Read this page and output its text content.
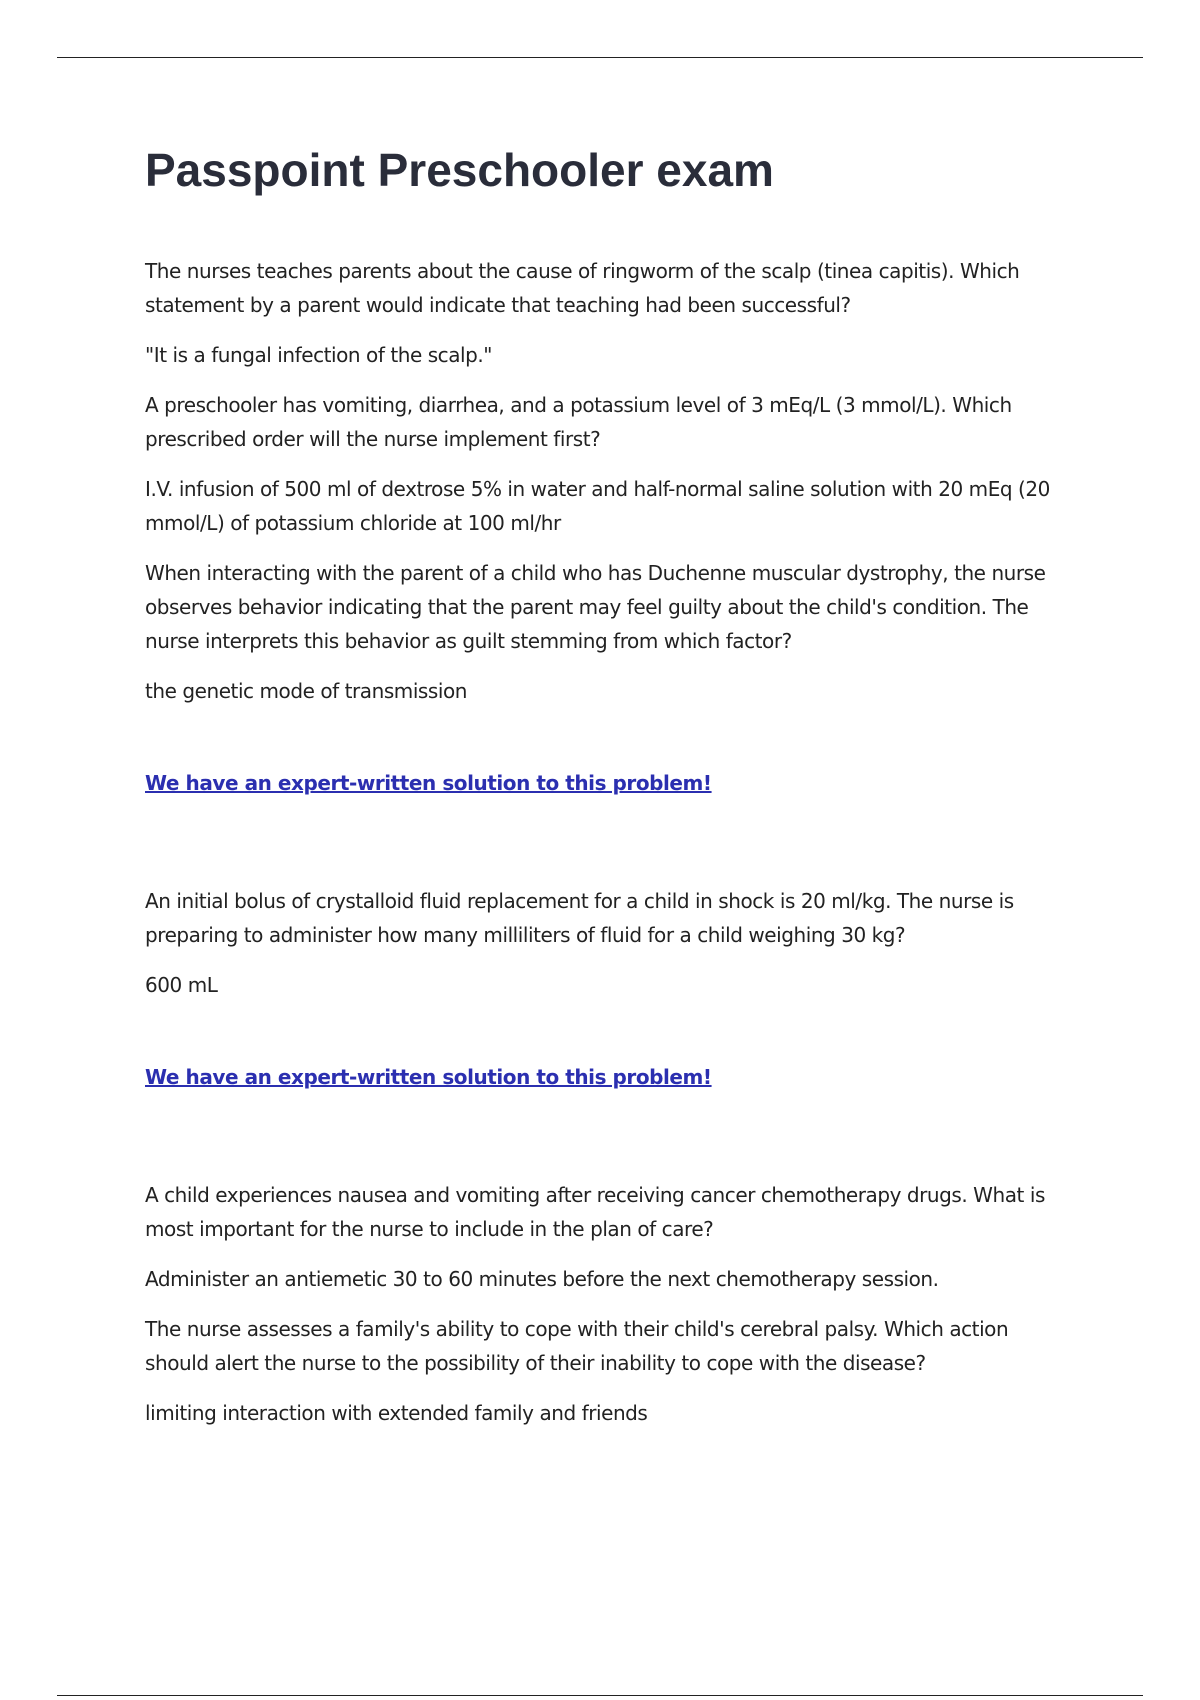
Passpoint Preschooler exam

The nurses teaches parents about the cause of ringworm of the scalp (tinea capitis). Which statement by a parent would indicate that teaching had been successful?

"It is a fungal infection of the scalp."

A preschooler has vomiting, diarrhea, and a potassium level of 3 mEq/L (3 mmol/L). Which prescribed order will the nurse implement first?

I.V. infusion of 500 ml of dextrose 5% in water and half-normal saline solution with 20 mEq (20 mmol/L) of potassium chloride at 100 ml/hr

When interacting with the parent of a child who has Duchenne muscular dystrophy, the nurse observes behavior indicating that the parent may feel guilty about the child's condition. The nurse interprets this behavior as guilt stemming from which factor?

the genetic mode of transmission

We have an expert-written solution to this problem!

An initial bolus of crystalloid fluid replacement for a child in shock is 20 ml/kg. The nurse is preparing to administer how many milliliters of fluid for a child weighing 30 kg?

600 mL

We have an expert-written solution to this problem!

A child experiences nausea and vomiting after receiving cancer chemotherapy drugs. What is most important for the nurse to include in the plan of care?

Administer an antiemetic 30 to 60 minutes before the next chemotherapy session.

The nurse assesses a family's ability to cope with their child's cerebral palsy. Which action should alert the nurse to the possibility of their inability to cope with the disease?

limiting interaction with extended family and friends
